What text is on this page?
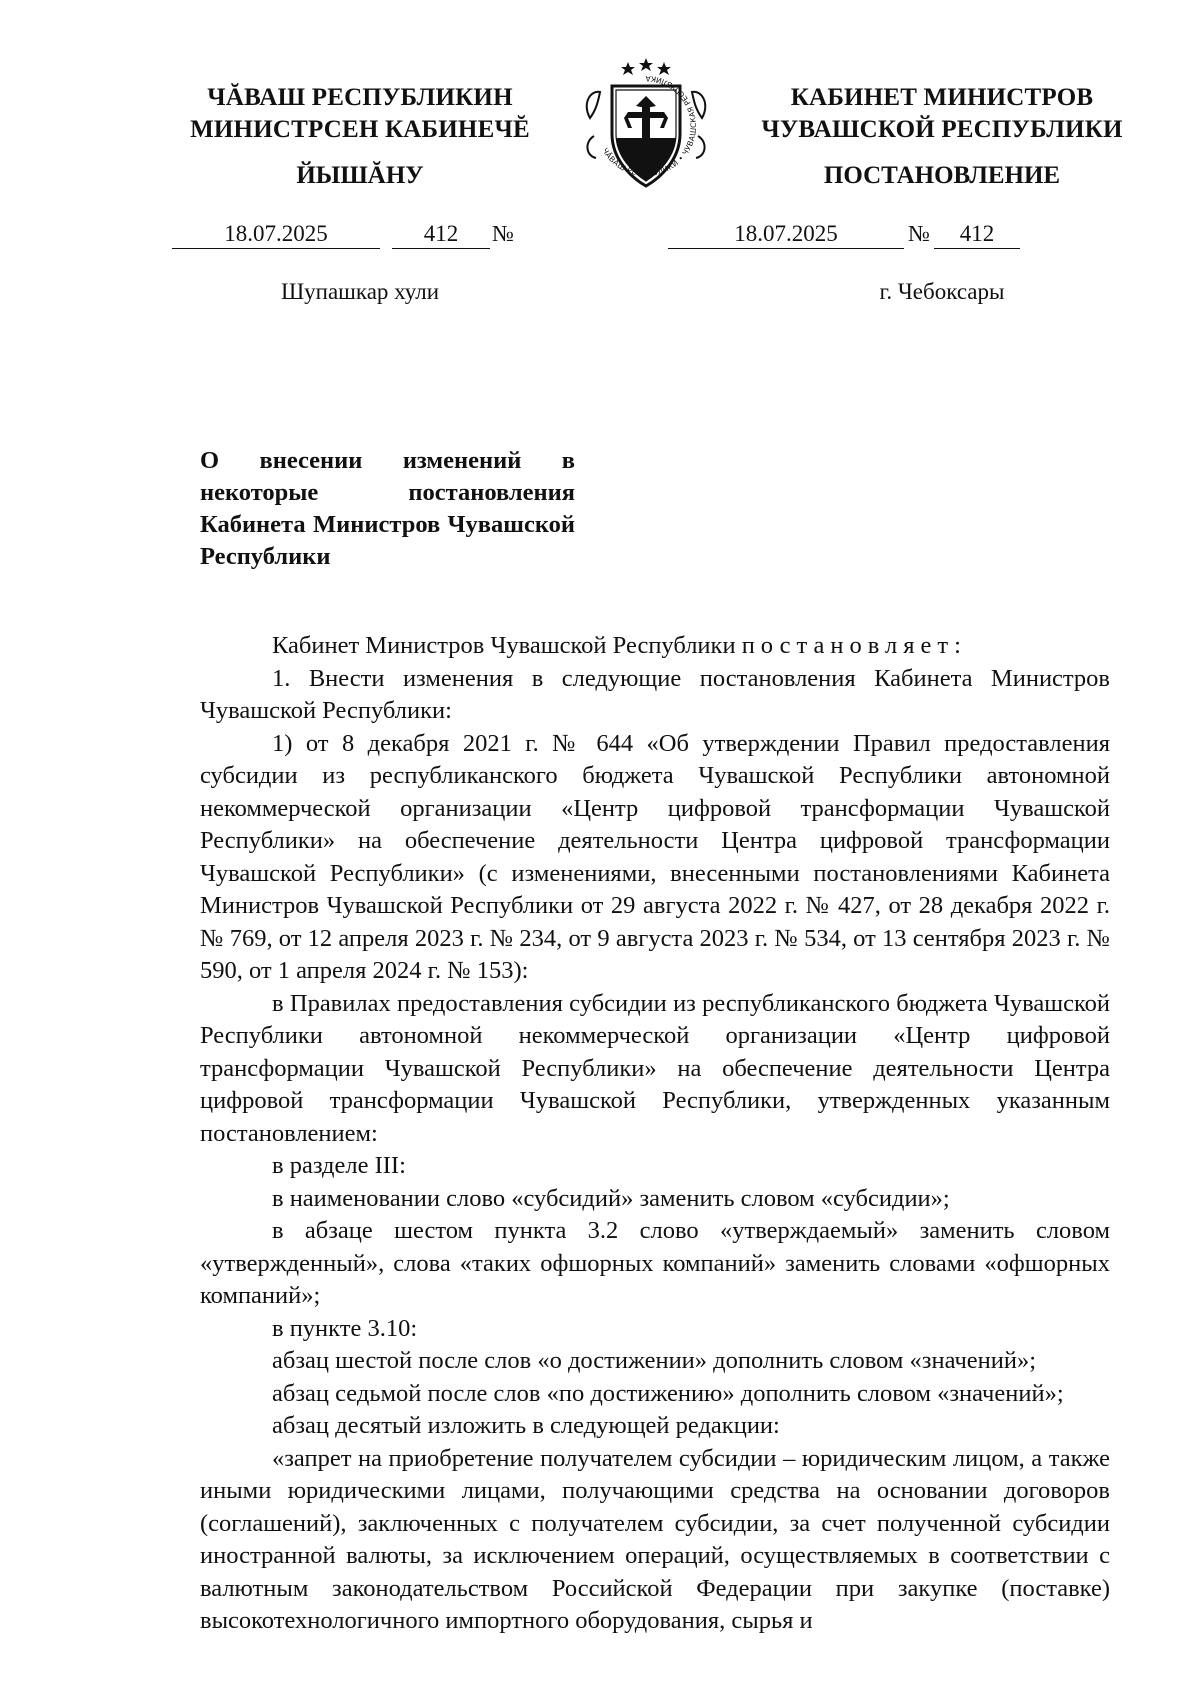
ЧĂВАШ РЕСПУБЛИКИН
МИНИСТРСЕН КАБИНЕЧĔ
ЙЫШĂНУ
ЧĂВАШ РЕСПУБЛИКИ • ЧУВАШСКАЯ РЕСПУБЛИКА
КАБИНЕТ МИНИСТРОВ
ЧУВАШСКОЙ РЕСПУБЛИКИ
ПОСТАНОВЛЕНИЕ
18.07.2025	412	№	18.07.2025	№	412
Шупашкар хули	г. Чебоксары
О внесении изменений в некоторые постановления Кабинета Министров Чувашской Республики

Кабинет Министров Чувашской Республики постановляет:

1. Внести изменения в следующие постановления Кабинета Министров Чувашской Республики:

1) от 8 декабря 2021 г. № 644 «Об утверждении Правил предоставления субсидии из республиканского бюджета Чувашской Республики автономной некоммерческой организации «Центр цифровой трансформации Чувашской Республики» на обеспечение деятельности Центра цифровой трансформации Чувашской Республики» (с изменениями, внесенными постановлениями Кабинета Министров Чувашской Республики от 29 августа 2022 г. № 427, от 28 декабря 2022 г. № 769, от 12 апреля 2023 г. № 234, от 9 августа 2023 г. № 534, от 13 сентября 2023 г. № 590, от 1 апреля 2024 г. № 153):

в Правилах предоставления субсидии из республиканского бюджета Чувашской Республики автономной некоммерческой организации «Центр цифровой трансформации Чувашской Республики» на обеспечение деятельности Центра цифровой трансформации Чувашской Республики, утвержденных указанным постановлением:

в разделе III:

в наименовании слово «субсидий» заменить словом «субсидии»;

в абзаце шестом пункта 3.2 слово «утверждаемый» заменить словом «утвержденный», слова «таких офшорных компаний» заменить словами «офшорных компаний»;

в пункте 3.10:

абзац шестой после слов «о достижении» дополнить словом «значений»;

абзац седьмой после слов «по достижению» дополнить словом «значений»;

абзац десятый изложить в следующей редакции:

«запрет на приобретение получателем субсидии – юридическим лицом, а также иными юридическими лицами, получающими средства на основании договоров (соглашений), заключенных с получателем субсидии, за счет полученной субсидии иностранной валюты, за исключением операций, осуществляемых в соответствии с валютным законодательством Российской Федерации при закупке (поставке) высокотехнологичного импортного оборудования, сырья и
